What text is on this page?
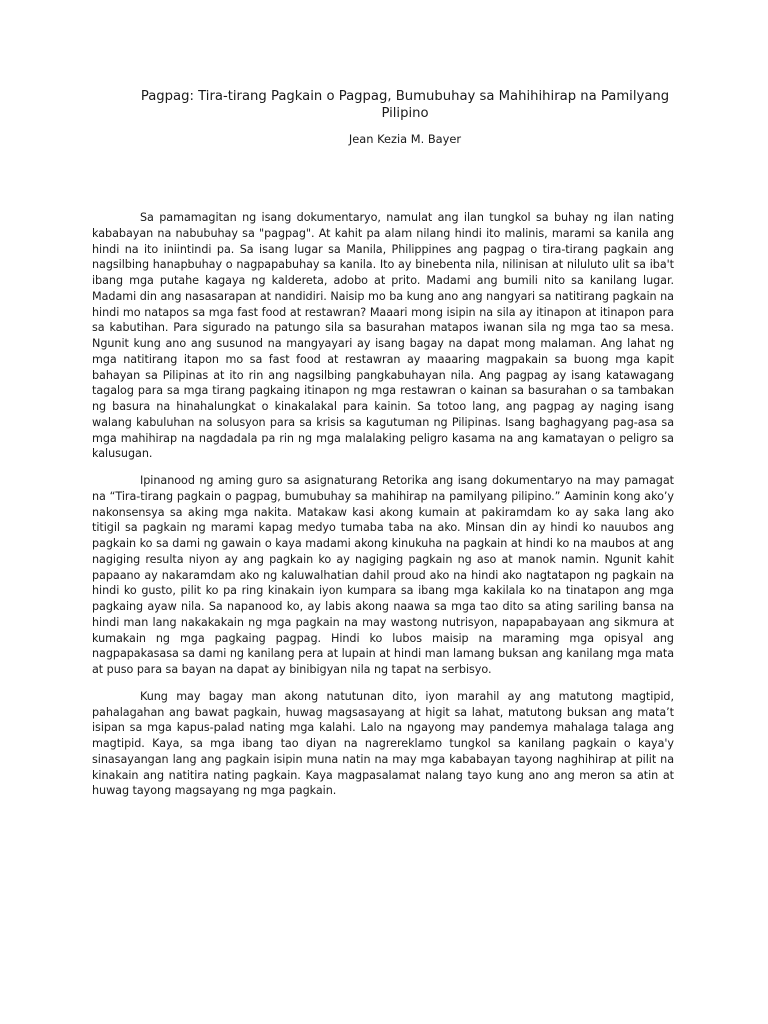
Pagpag: Tira-tirang Pagkain o Pagpag, Bumubuhay sa Mahihihirap na Pamilyang Pilipino
Jean Kezia M. Bayer

Sa pamamagitan ng isang dokumentaryo, namulat ang ilan tungkol sa buhay ng ilan nating kababayan na nabubuhay sa "pagpag". At kahit pa alam nilang hindi ito malinis, marami sa kanila ang hindi na ito iniintindi pa. Sa isang lugar sa Manila, Philippines ang pagpag o tira-tirang pagkain ang nagsilbing hanapbuhay o nagpapabuhay sa kanila. Ito ay binebenta nila, nilinisan at niluluto ulit sa iba't ibang mga putahe kagaya ng kaldereta, adobo at prito. Madami ang bumili nito sa kanilang lugar. Madami din ang nasasarapan at nandidiri. Naisip mo ba kung ano ang nangyari sa natitirang pagkain na hindi mo natapos sa mga fast food at restawran? Maaari mong isipin na sila ay itinapon at itinapon para sa kabutihan. Para sigurado na patungo sila sa basurahan matapos iwanan sila ng mga tao sa mesa. Ngunit kung ano ang susunod na mangyayari ay isang bagay na dapat mong malaman. Ang lahat ng mga natitirang itapon mo sa fast food at restawran ay maaaring magpakain sa buong mga kapit bahayan sa Pilipinas at ito rin ang nagsilbing pangkabuhayan nila. Ang pagpag ay isang katawagang tagalog para sa mga tirang pagkaing itinapon ng mga restawran o kainan sa basurahan o sa tambakan ng basura na hinahalungkat o kinakalakal para kainin. Sa totoo lang, ang pagpag ay naging isang walang kabuluhan na solusyon para sa krisis sa kagutuman ng Pilipinas. Isang baghagyang pag-asa sa mga mahihirap na nagdadala pa rin ng mga malalaking peligro kasama na ang kamatayan o peligro sa kalusugan.

Ipinanood ng aming guro sa asignaturang Retorika ang isang dokumentaryo na may pamagat na “Tira-tirang pagkain o pagpag, bumubuhay sa mahihirap na pamilyang pilipino.” Aaminin kong ako’y nakonsensya sa aking mga nakita. Matakaw kasi akong kumain at pakiramdam ko ay saka lang ako titigil sa pagkain ng marami kapag medyo tumaba taba na ako. Minsan din ay hindi ko nauubos ang pagkain ko sa dami ng gawain o kaya madami akong kinukuha na pagkain at hindi ko na maubos at ang nagiging resulta niyon ay ang pagkain ko ay nagiging pagkain ng aso at manok namin. Ngunit kahit papaano ay nakaramdam ako ng kaluwalhatian dahil proud ako na hindi ako nagtatapon ng pagkain na hindi ko gusto, pilit ko pa ring kinakain iyon kumpara sa ibang mga kakilala ko na tinatapon ang mga pagkaing ayaw nila. Sa napanood ko, ay labis akong naawa sa mga tao dito sa ating sariling bansa na hindi man lang nakakakain ng mga pagkain na may wastong nutrisyon, napapabayaan ang sikmura at kumakain ng mga pagkaing pagpag. Hindi ko lubos maisip na maraming mga opisyal ang nagpapakasasa sa dami ng kanilang pera at lupain at hindi man lamang buksan ang kanilang mga mata at puso para sa bayan na dapat ay binibigyan nila ng tapat na serbisyo.

Kung may bagay man akong natutunan dito, iyon marahil ay ang matutong magtipid, pahalagahan ang bawat pagkain, huwag magsasayang at higit sa lahat, matutong buksan ang mata’t isipan sa mga kapus-palad nating mga kalahi. Lalo na ngayong may pandemya mahalaga talaga ang magtipid. Kaya, sa mga ibang tao diyan na nagrereklamo tungkol sa kanilang pagkain o kaya'y sinasayangan lang ang pagkain isipin muna natin na may mga kababayan tayong naghihirap at pilit na kinakain ang natitira nating pagkain. Kaya magpasalamat nalang tayo kung ano ang meron sa atin at huwag tayong magsayang ng mga pagkain.
